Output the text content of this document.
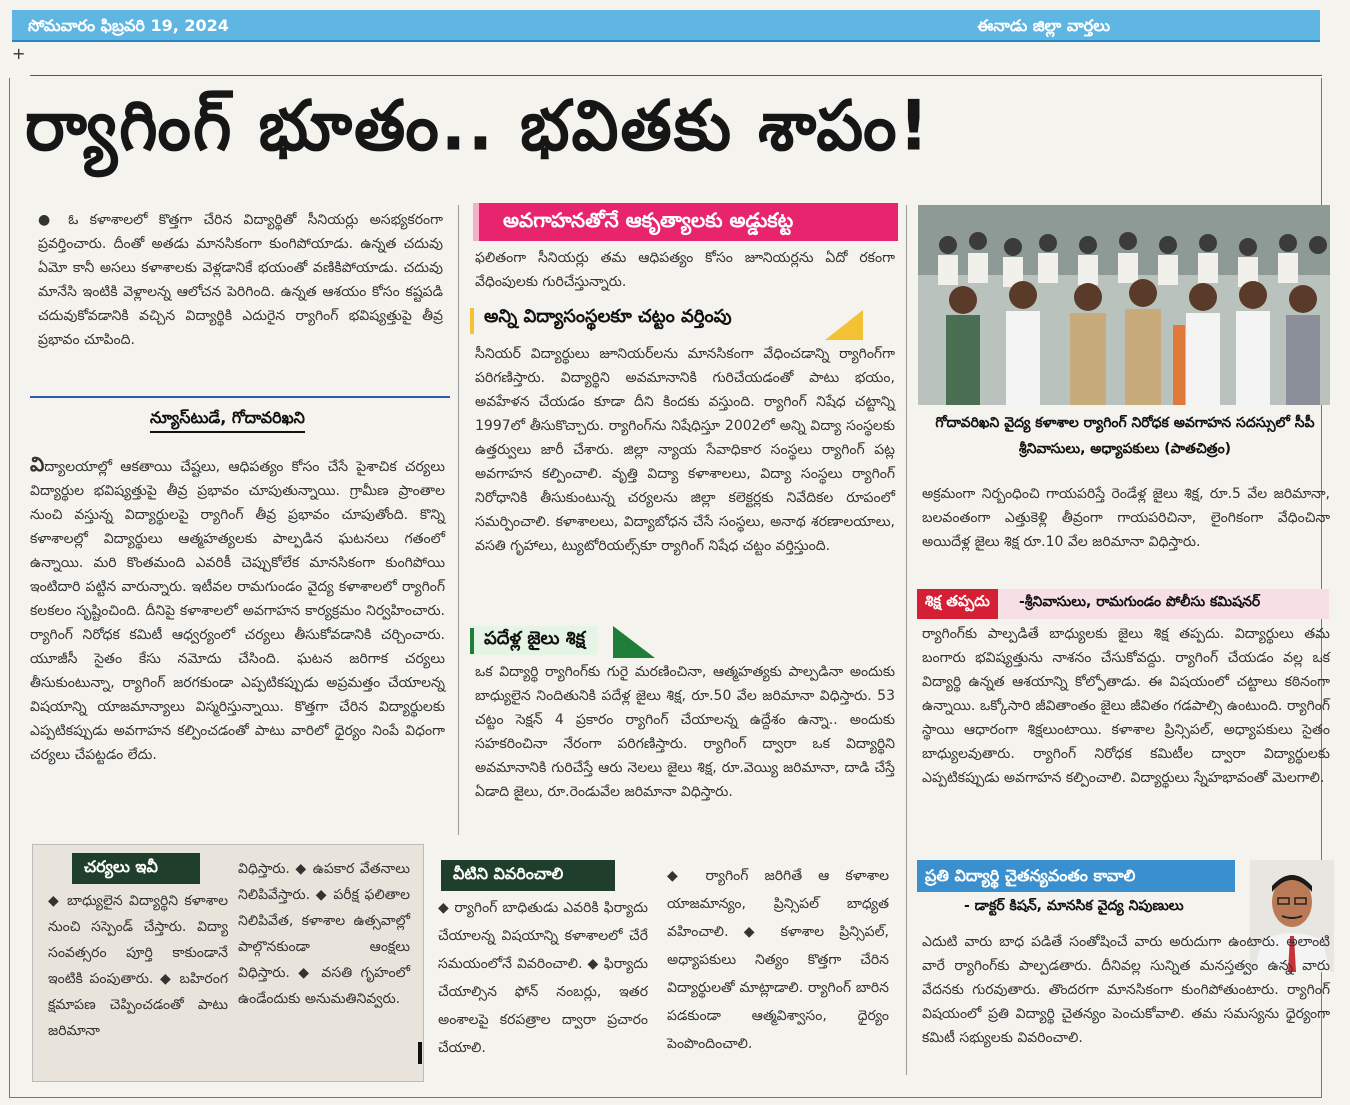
సోమవారం ఫిబ్రవరి 19, 2024	ఈనాడు జిల్లా వార్తలు
+
ర్యాగింగ్ భూతం.. భవితకు శాపం!

● ఓ కళాశాలలో కొత్తగా చేరిన విద్యార్థితో సీనియర్లు అసభ్యకరంగా ప్రవర్తించారు. దీంతో అతడు మానసికంగా కుంగిపోయాడు. ఉన్నత చదువు ఏమో కానీ అసలు కళాశాలకు వెళ్లడానికే భయంతో వణికిపోయాడు. చదువు మానేసి ఇంటికి వెళ్లాలన్న ఆలోచన పెరిగింది. ఉన్నత ఆశయం కోసం కష్టపడి చదువుకోవడానికి వచ్చిన విద్యార్థికి ఎదురైన ర్యాగింగ్ భవిష్యత్తుపై తీవ్ర ప్రభావం చూపింది.

న్యూస్‌టుడే, గోదావరిఖని

విద్యాలయాల్లో ఆకతాయి చేష్టలు, ఆధిపత్యం కోసం చేసే పైశాచిక చర్యలు విద్యార్థుల భవిష్యత్తుపై తీవ్ర ప్రభావం చూపుతున్నాయి. గ్రామీణ ప్రాంతాల నుంచి వస్తున్న విద్యార్థులపై ర్యాగింగ్ తీవ్ర ప్రభావం చూపుతోంది. కొన్ని కళాశాలల్లో విద్యార్థులు ఆత్మహత్యలకు పాల్పడిన ఘటనలు గతంలో ఉన్నాయి. మరి కొంతమంది ఎవరికీ చెప్పుకోలేక మానసికంగా కుంగిపోయి ఇంటిదారి పట్టిన వారున్నారు. ఇటీవల రామగుండం వైద్య కళాశాలలో ర్యాగింగ్ కలకలం సృష్టించింది. దీనిపై కళాశాలలో అవగాహన కార్యక్రమం నిర్వహించారు. ర్యాగింగ్ నిరోధక కమిటీ ఆధ్వర్యంలో చర్యలు తీసుకోవడానికి చర్చించారు. యూజీసీ సైతం కేసు నమోదు చేసింది. ఘటన జరిగాక చర్యలు తీసుకుంటున్నా, ర్యాగింగ్ జరగకుండా ఎప్పటికప్పుడు అప్రమత్తం చేయాలన్న విషయాన్ని యాజమాన్యాలు విస్మరిస్తున్నాయి. కొత్తగా చేరిన విద్యార్థులకు ఎప్పటికప్పుడు అవగాహన కల్పించడంతో పాటు వారిలో ధైర్యం నింపే విధంగా చర్యలు చేపట్టడం లేదు.

అవగాహనతోనే ఆకృత్యాలకు అడ్డుకట్ట

ఫలితంగా సీనియర్లు తమ ఆధిపత్యం కోసం జూనియర్లను ఏదో రకంగా వేధింపులకు గురిచేస్తున్నారు.

అన్ని విద్యాసంస్థలకూ చట్టం వర్తింపు

సీనియర్ విద్యార్థులు జూనియర్‌లను మానసికంగా వేధించడాన్ని ర్యాగింగ్‌గా పరిగణిస్తారు. విద్యార్థిని అవమానానికి గురిచేయడంతో పాటు భయం, అవహేళన చేయడం కూడా దీని కిందకు వస్తుంది. ర్యాగింగ్ నిషేధ చట్టాన్ని 1997లో తీసుకొచ్చారు. ర్యాగింగ్‌ను నిషేధిస్తూ 2002లో అన్ని విద్యా సంస్థలకు ఉత్తర్వులు జారీ చేశారు. జిల్లా న్యాయ సేవాధికార సంస్థలు ర్యాగింగ్ పట్ల అవగాహన కల్పించాలి. వృత్తి విద్యా కళాశాలలు, విద్యా సంస్థలు ర్యాగింగ్ నిరోధానికి తీసుకుంటున్న చర్యలను జిల్లా కలెక్టర్లకు నివేదికల రూపంలో సమర్పించాలి. కళాశాలలు, విద్యాబోధన చేసే సంస్థలు, అనాథ శరణాలయాలు, వసతి గృహాలు, ట్యుటోరియల్స్‌కూ ర్యాగింగ్ నిషేధ చట్టం వర్తిస్తుంది.

పదేళ్ల జైలు శిక్ష

ఒక విద్యార్థి ర్యాగింగ్‌కు గురై మరణించినా, ఆత్మహత్యకు పాల్పడినా అందుకు బాధ్యులైన నిందితునికి పదేళ్ల జైలు శిక్ష, రూ.50 వేల జరిమానా విధిస్తారు. 53 చట్టం సెక్షన్ 4 ప్రకారం ర్యాగింగ్ చేయాలన్న ఉద్దేశం ఉన్నా.. అందుకు సహకరించినా నేరంగా పరిగణిస్తారు. ర్యాగింగ్ ద్వారా ఒక విద్యార్థిని అవమానానికి గురిచేస్తే ఆరు నెలలు జైలు శిక్ష, రూ.వెయ్యి జరిమానా, దాడి చేస్తే ఏడాది జైలు, రూ.రెండువేల జరిమానా విధిస్తారు.

గోదావరిఖని వైద్య కళాశాల ర్యాగింగ్ నిరోధక అవగాహన సదస్సులో సీపీ శ్రీనివాసులు, అధ్యాపకులు (పాతచిత్రం)

అక్రమంగా నిర్బంధించి గాయపరిస్తే రెండేళ్ల జైలు శిక్ష, రూ.5 వేల జరిమానా, బలవంతంగా ఎత్తుకెళ్లి తీవ్రంగా గాయపరిచినా, లైంగికంగా వేధించినా అయిదేళ్ల జైలు శిక్ష రూ.10 వేల జరిమానా విధిస్తారు.

శిక్ష తప్పదు	-శ్రీనివాసులు, రామగుండం పోలీసు కమిషనర్

ర్యాగింగ్‌కు పాల్పడితే బాధ్యులకు జైలు శిక్ష తప్పదు. విద్యార్థులు తమ బంగారు భవిష్యత్తును నాశనం చేసుకోవద్దు. ర్యాగింగ్ చేయడం వల్ల ఒక విద్యార్థి ఉన్నత ఆశయాన్ని కోల్పోతాడు. ఈ విషయంలో చట్టాలు కఠినంగా ఉన్నాయి. ఒక్కోసారి జీవితాంతం జైలు జీవితం గడపాల్సి ఉంటుంది. ర్యాగింగ్ స్థాయి ఆధారంగా శిక్షలుంటాయి. కళాశాల ప్రిన్సిపల్, అధ్యాపకులు సైతం బాధ్యులవుతారు. ర్యాగింగ్ నిరోధక కమిటీల ద్వారా విద్యార్థులకు ఎప్పటికప్పుడు అవగాహన కల్పించాలి. విద్యార్థులు స్నేహభావంతో మెలగాలి.

ప్రతి విద్యార్థి చైతన్యవంతం కావాలి
- డాక్టర్ కిషన్, మానసిక వైద్య నిపుణులు

ఎదుటి వారు బాధ పడితే సంతోషించే వారు అరుదుగా ఉంటారు. అలాంటి వారే ర్యాగింగ్‌కు పాల్పడతారు. దీనివల్ల సున్నిత మనస్తత్వం ఉన్న వారు వేదనకు గురవుతారు. తొందరగా మానసికంగా కుంగిపోతుంటారు. ర్యాగింగ్ విషయంలో ప్రతి విద్యార్థి చైతన్యం పెంచుకోవాలి. తమ సమస్యను ధైర్యంగా కమిటీ సభ్యులకు వివరించాలి.

చర్యలు ఇవీ

◆ బాధ్యులైన విద్యార్థిని కళాశాల నుంచి సస్పెండ్ చేస్తారు. విద్యా సంవత్సరం పూర్తి కాకుండానే ఇంటికి పంపుతారు. ◆ బహిరంగ క్షమాపణ చెప్పించడంతో పాటు జరిమానా

విధిస్తారు. ◆ ఉపకార వేతనాలు నిలిపివేస్తారు. ◆ పరీక్ష ఫలితాల నిలిపివేత, కళాశాల ఉత్సవాల్లో పాల్గొనకుండా ఆంక్షలు విధిస్తారు. ◆ వసతి గృహంలో ఉండేందుకు అనుమతినివ్వరు.

వీటిని వివరించాలి

◆ ర్యాగింగ్ బాధితుడు ఎవరికి ఫిర్యాదు చేయాలన్న విషయాన్ని కళాశాలలో చేరే సమయంలోనే వివరించాలి. ◆ ఫిర్యాదు చేయాల్సిన ఫోన్ నంబర్లు, ఇతర అంశాలపై కరపత్రాల ద్వారా ప్రచారం చేయాలి.

◆ ర్యాగింగ్ జరిగితే ఆ కళాశాల యాజమాన్యం, ప్రిన్సిపల్ బాధ్యత వహించాలి. ◆ కళాశాల ప్రిన్సిపల్, అధ్యాపకులు నిత్యం కొత్తగా చేరిన విద్యార్థులతో మాట్లాడాలి. ర్యాగింగ్ బారిన పడకుండా ఆత్మవిశ్వాసం, ధైర్యం పెంపొందించాలి.
